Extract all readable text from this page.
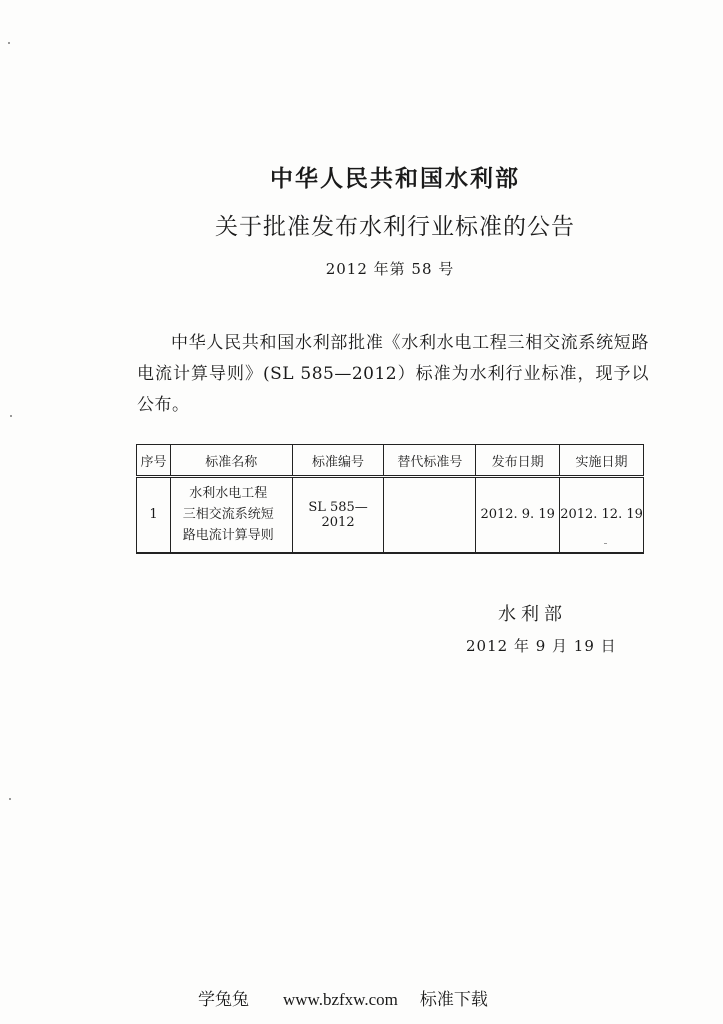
中华人民共和国水利部
关于批准发布水利行业标准的公告
2012 年第 58 号
中华人民共和国水利部批准《水利水电工程三相交流系统短路电流计算导则》(SL 585—2012）标准为水利行业标准，现予以公布。
序号	标准名称	标准编号	替代标准号	发布日期	实施日期
1	水利水电工程
三相交流系统短
路电流计算导则	SL 585—2012		2012. 9. 19	2012. 12. 19
水利部
2012 年 9 月 19 日
学兔兔 www.bzfxw.com 标准下载
